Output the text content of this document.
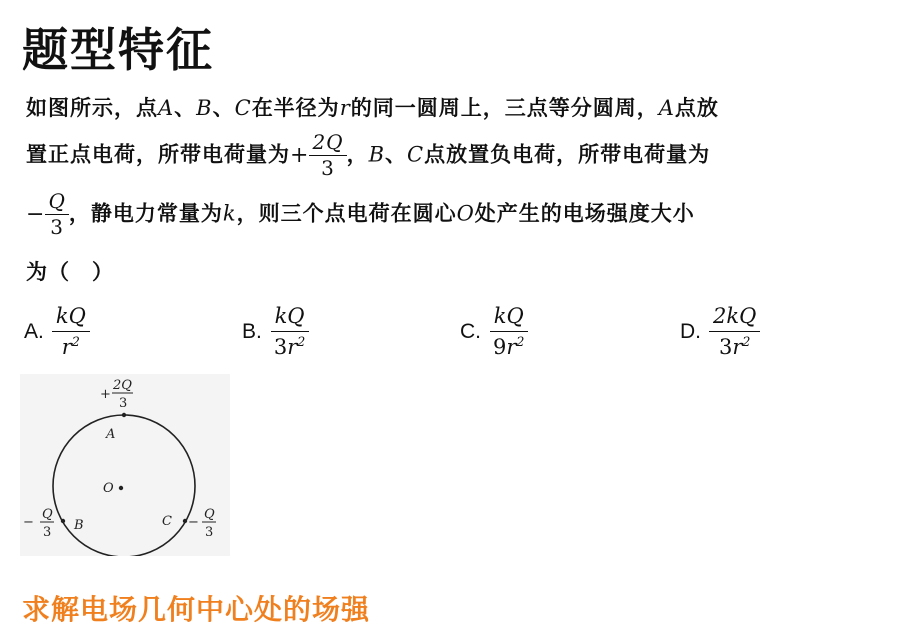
题型特征
如图所示，点A、B、C在半径为r的同一圆周上，三点等分圆周，A点放
置正点电荷，所带电荷量为+ $\frac{2Q}{3}$ ，B、C点放置负电荷，所带电荷量为
− $\frac{Q}{3}$ ，静电力常量为k，则三个点电荷在圆心O处产生的电场强度大小
为（　）
A. $\frac{kQ}{r^2}$	B. $\frac{kQ}{3r^2}$	C. $\frac{kQ}{9r^2}$	D. $\frac{2kQ}{3r^2}$
+
2Q
3
A
O
B	C
−
Q
3
−
Q
3
求解电场几何中心处的场强
